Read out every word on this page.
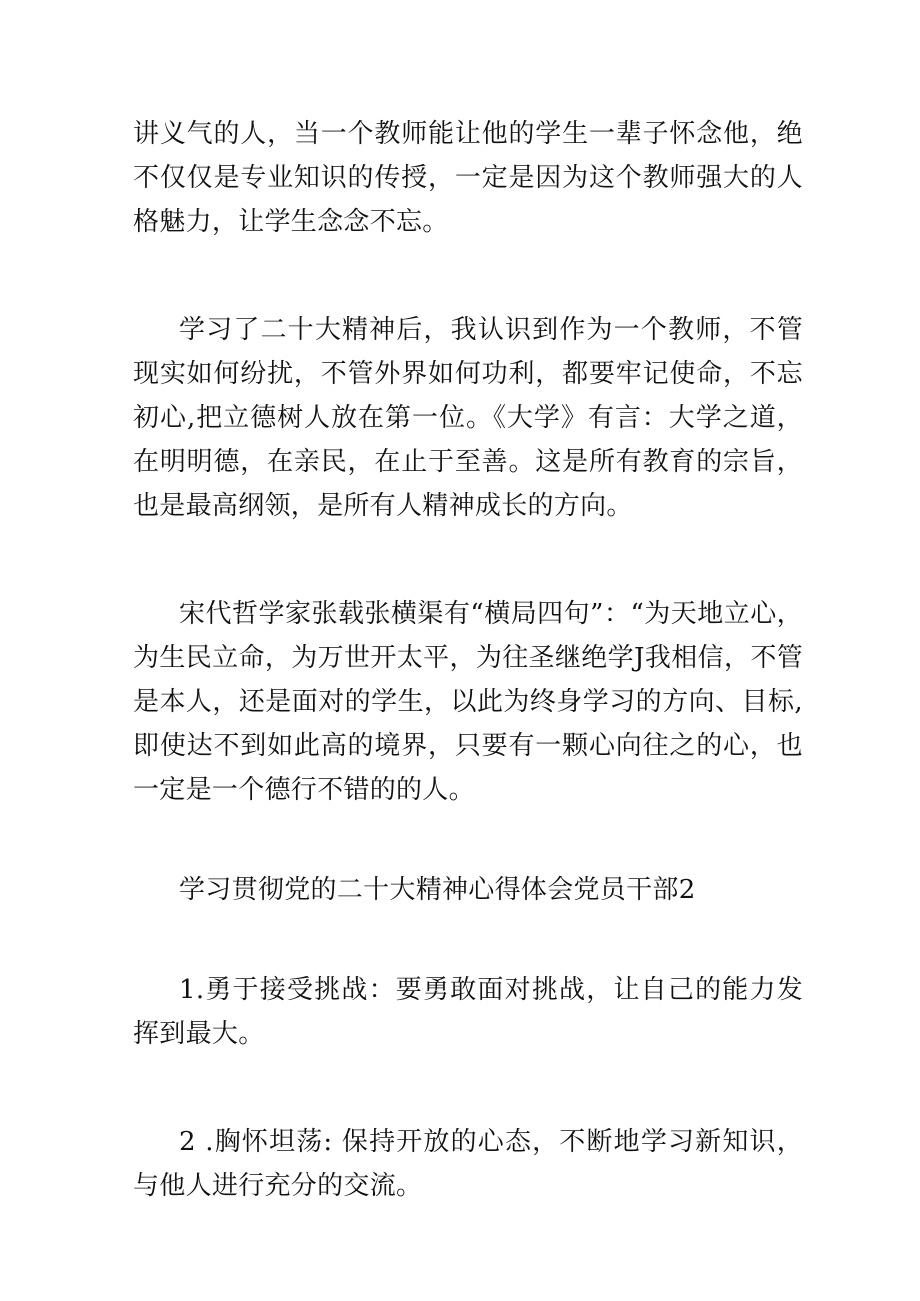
讲义气的人，当一个教师能让他的学生一辈子怀念他，绝不仅仅是专业知识的传授，一定是因为这个教师强大的人格魅力，让学生念念不忘。

学习了二十大精神后，我认识到作为一个教师，不管现实如何纷扰，不管外界如何功利，都要牢记使命，不忘初心,把立德树人放在第一位。《大学》有言：大学之道，在明明德，在亲民，在止于至善。这是所有教育的宗旨，也是最高纲领，是所有人精神成长的方向。

宋代哲学家张载张横渠有“横局四句”：“为天地立心，为生民立命，为万世开太平，为往圣继绝学J我相信，不管是本人，还是面对的学生，以此为终身学习的方向、目标,即使达不到如此高的境界，只要有一颗心向往之的心，也一定是一个德行不错的的人。

学习贯彻党的二十大精神心得体会党员干部2

1.勇于接受挑战：要勇敢面对挑战，让自己的能力发挥到最大。

2 .胸怀坦荡: 保持开放的心态，不断地学习新知识，与他人进行充分的交流。
